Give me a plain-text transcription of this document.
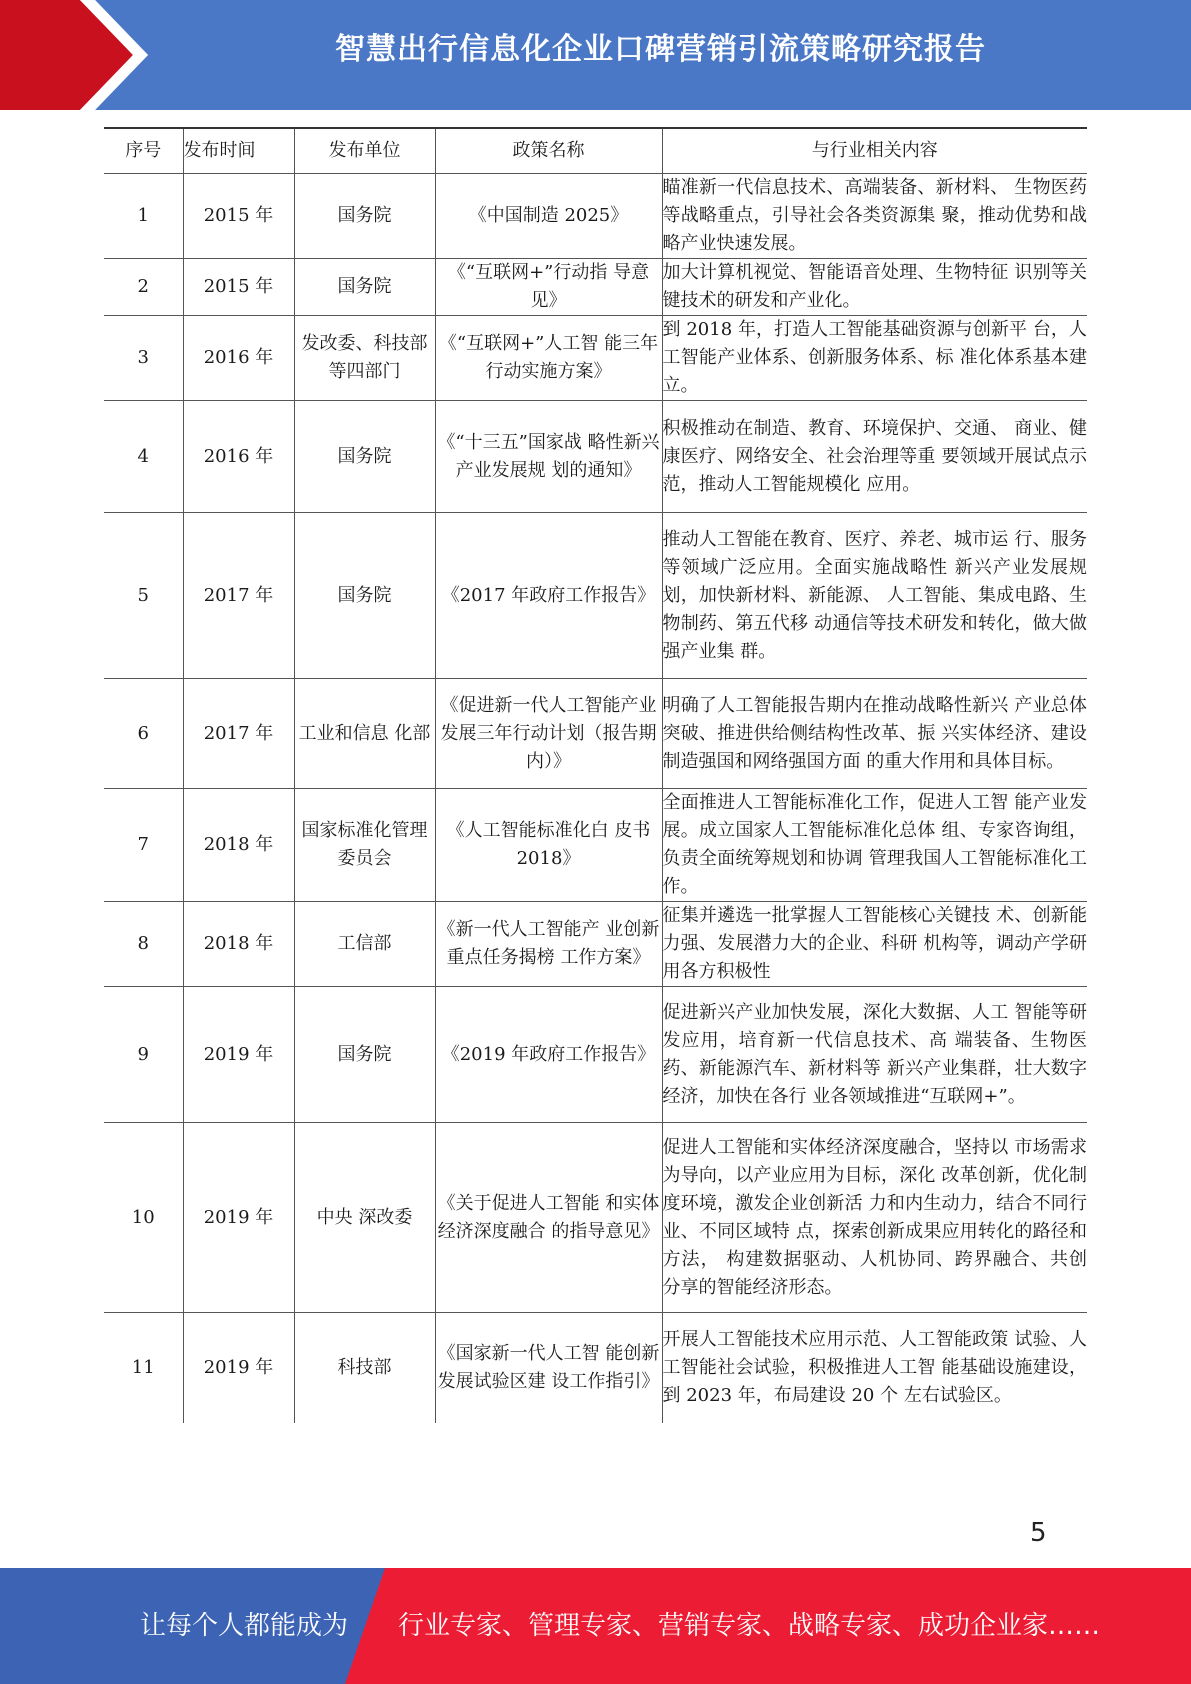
智慧出行信息化企业口碑营销引流策略研究报告
序号	发布时间	发布单位	政策名称	与行业相关内容
1	2015 年	国务院	《中国制造 2025》	瞄准新一代信息技术、高端装备、新材料、 生物医药等战略重点，引导社会各类资源集 聚，推动优势和战略产业快速发展。
2	2015 年	国务院	《“互联网+”行动指 导意见》	加大计算机视觉、智能语音处理、生物特征 识别等关键技术的研发和产业化。
3	2016 年	发改委、科技部等四部门	《“互联网+”人工智 能三年行动实施方案》	到 2018 年，打造人工智能基础资源与创新平 台，人工智能产业体系、创新服务体系、标 准化体系基本建立。
4	2016 年	国务院	《“十三五”国家战 略性新兴产业发展规 划的通知》	积极推动在制造、教育、环境保护、交通、 商业、健康医疗、网络安全、社会治理等重 要领域开展试点示范，推动人工智能规模化 应用。
5	2017 年	国务院	《2017 年政府工作报告》	推动人工智能在教育、医疗、养老、城市运 行、服务等领域广泛应用。全面实施战略性 新兴产业发展规划，加快新材料、新能源、 人工智能、集成电路、生物制药、第五代移 动通信等技术研发和转化，做大做强产业集 群。
6	2017 年	工业和信息 化部	《促进新一代人工智能产业发展三年行动计划（报告期内）》	明确了人工智能报告期内在推动战略性新兴 产业总体突破、推进供给侧结构性改革、振 兴实体经济、建设制造强国和网络强国方面 的重大作用和具体目标。
7	2018 年	国家标准化管理委员会	《人工智能标准化白 皮书 2018》	全面推进人工智能标准化工作，促进人工智 能产业发展。成立国家人工智能标准化总体 组、专家咨询组，负责全面统筹规划和协调 管理我国人工智能标准化工作。
8	2018 年	工信部	《新一代人工智能产 业创新重点任务揭榜 工作方案》	征集并遴选一批掌握人工智能核心关键技 术、创新能力强、发展潜力大的企业、科研 机构等，调动产学研用各方积极性
9	2019 年	国务院	《2019 年政府工作报告》	促进新兴产业加快发展，深化大数据、人工 智能等研发应用，培育新一代信息技术、高 端装备、生物医药、新能源汽车、新材料等 新兴产业集群，壮大数字经济，加快在各行 业各领域推进“互联网+”。
10	2019 年	中央 深改委	《关于促进人工智能 和实体经济深度融合 的指导意见》	促进人工智能和实体经济深度融合，坚持以 市场需求为导向，以产业应用为目标，深化 改革创新，优化制度环境，激发企业创新活 力和内生动力，结合不同行业、不同区域特 点，探索创新成果应用转化的路径和方法， 构建数据驱动、人机协同、跨界融合、共创 分享的智能经济形态。
11	2019 年	科技部	《国家新一代人工智 能创新发展试验区建 设工作指引》	开展人工智能技术应用示范、人工智能政策 试验、人工智能社会试验，积极推进人工智 能基础设施建设，到 2023 年，布局建设 20 个 左右试验区。
5
让每个人都能成为 行业专家、管理专家、营销专家、战略专家、成功企业家……
